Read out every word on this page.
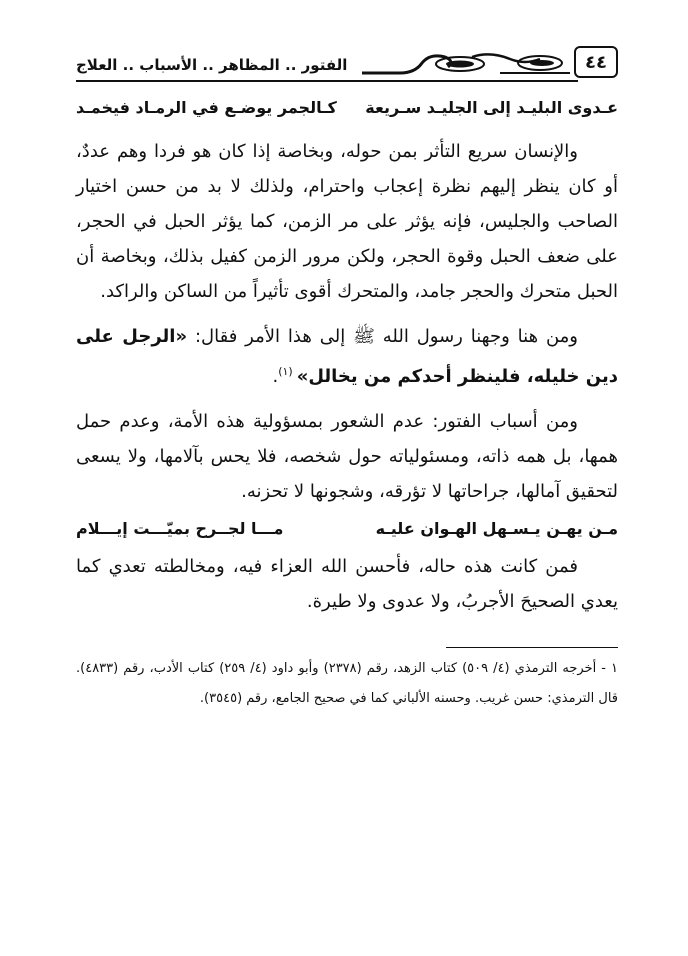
٤٤
الفتور .. المظاهر .. الأسباب .. العلاج
عـدوى البليـد إلى الجليـد سـريعة
كـالجمر يوضـع في الرمـاد فيخمـد

والإنسان سريع التأثر بمن حوله، وبخاصة إذا كان هو فردا وهم عددٌ، أو كان ينظر إليهم نظرة إعجاب واحترام، ولذلك لا بد من حسن اختيار الصاحب والجليس، فإنه يؤثر على مر الزمن، كما يؤثر الحبل في الحجر، على ضعف الحبل وقوة الحجر، ولكن مرور الزمن كفيل بذلك، وبخاصة أن الحبل متحرك والحجر جامد، والمتحرك أقوى تأثيراً من الساكن والراكد.

ومن هنا وجهنا رسول الله ﷺ إلى هذا الأمر فقال: «الرجل على دين خليله، فلينظر أحدكم من يخالل»$^{(١)}$.

ومن أسباب الفتور: عدم الشعور بمسؤولية هذه الأمة، وعدم حمل همها، بل همه ذاته، ومسئولياته حول شخصه، فلا يحس بآلامها، ولا يسعى لتحقيق آمالها، جراحاتها لا تؤرقه، وشجونها لا تحزنه.

مـن يهـن يـسـهل الهـوان عليـه
مـــا لجــرح بميّـــت إيـــلام

فمن كانت هذه حاله، فأحسن الله العزاء فيه، ومخالطته تعدي كما يعدي الصحيحَ الأجربُ، ولا عدوى ولا طيرة.

١ - أخرجه الترمذي (٤/ ٥٠٩) كتاب الزهد، رقم (٢٣٧٨) وأبو داود (٤/ ٢٥٩) كتاب الأدب، رقم (٤٨٣٣). قال الترمذي: حسن غريب. وحسنه الألباني كما في صحيح الجامع، رقم (٣٥٤٥).
